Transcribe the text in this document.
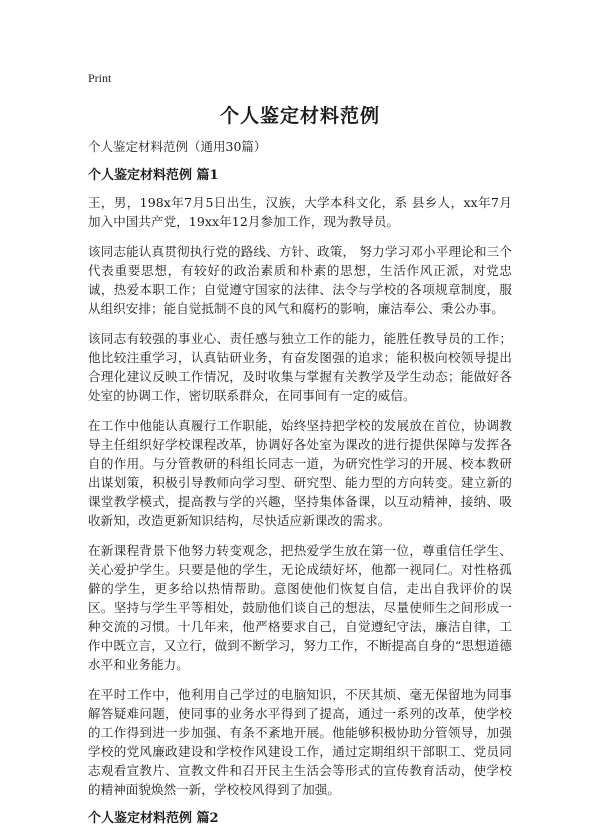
Print
个人鉴定材料范例
个人鉴定材料范例（通用30篇）
个人鉴定材料范例 篇1
王，男，198x年7月5日出生，汉族，大学本科文化，系 县乡人，xx年7月加入中国共产党，19xx年12月参加工作，现为教导员。
该同志能认真贯彻执行党的路线、方针、政策， 努力学习邓小平理论和三个代表重要思想，有较好的政治素质和朴素的思想，生活作风正派，对党忠诚，热爱本职工作；自觉遵守国家的法律、法令与学校的各项规章制度，服从组织安排；能自觉抵制不良的风气和腐朽的影响，廉洁奉公、秉公办事。
该同志有较强的事业心、责任感与独立工作的能力，能胜任教导员的工作；他比较注重学习，认真钻研业务，有奋发图强的追求；能积极向校领导提出合理化建议反映工作情况，及时收集与掌握有关教学及学生动态；能做好各处室的协调工作，密切联系群众，在同事间有一定的威信。
在工作中他能认真履行工作职能，始终坚持把学校的发展放在首位，协调教导主任组织好学校课程改革，协调好各处室为课改的进行提供保障与发挥各自的作用。与分管教研的科组长同志一道，为研究性学习的开展、校本教研出谋划策，积极引导教师向学习型、研究型、能力型的方向转变。建立新的课堂教学模式，提高教与学的兴趣，坚持集体备课，以互动精神，接纳、吸收新知，改造更新知识结构，尽快适应新课改的需求。
在新课程背景下他努力转变观念，把热爱学生放在第一位，尊重信任学生、关心爱护学生。只要是他的学生，无论成绩好坏，他都一视同仁。对性格孤僻的学生，更多给以热情帮助。意图使他们恢复自信，走出自我评价的误区。坚持与学生平等相处，鼓励他们谈自己的想法，尽量使师生之间形成一种交流的习惯。十几年来，他严格要求自己，自觉遵纪守法，廉洁自律，工作中既立言，又立行，做到不断学习，努力工作，不断提高自身的“思想道德水平和业务能力。
在平时工作中，他利用自己学过的电脑知识，不厌其烦、毫无保留地为同事解答疑难问题，使同事的业务水平得到了提高，通过一系列的改革，使学校的工作得到进一步加强、有条不紊地开展。他能够积极协助分管领导，加强学校的党风廉政建设和学校作风建设工作，通过定期组织干部职工、党员同志观看宣教片、宣教文件和召开民主生活会等形式的宣传教育活动，使学校的精神面貌焕然一新，学校校风得到了加强。
个人鉴定材料范例 篇2
